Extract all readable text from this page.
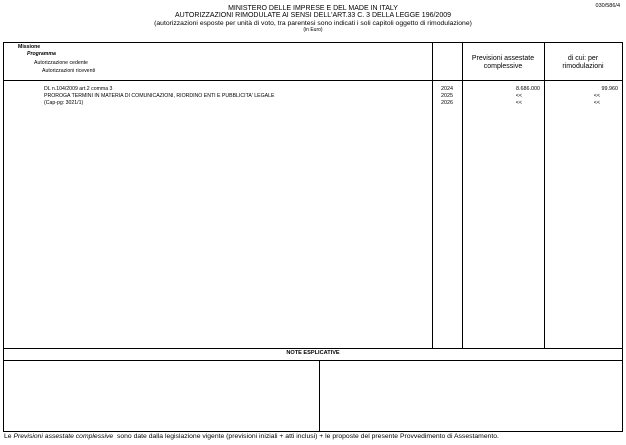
030/586/4
MINISTERO DELLE IMPRESE E DEL MADE IN ITALY
AUTORIZZAZIONI RIMODULATE AI SENSI DELL'ART.33 C. 3 DELLA LEGGE 196/2009
(autorizzazioni esposte per unità di voto, tra parentesi sono indicati i soli capitoli oggetto di rimodulazione)
(in Euro)
Missione
Programma
Autorizzazione cedente
Autorizzazioni riceventi
Previsioni assestate
complessive
di cui: per
rimodulazioni
DL n.104/2009 art.2 comma 3
PROROGA TERMINI IN MATERIA DI COMUNICAZIONI, RIORDINO ENTI E PUBBLICITA' LEGALE
(Cap-pg: 3021/1)
2024
2025
2026
8.686.000
<<
<<
99.960
<<
<<
NOTE ESPLICATIVE
Le Previsioni assestate complessive sono date dalla legislazione vigente (previsioni iniziali + atti inclusi) + le proposte del presente Provvedimento di Assestamento.
